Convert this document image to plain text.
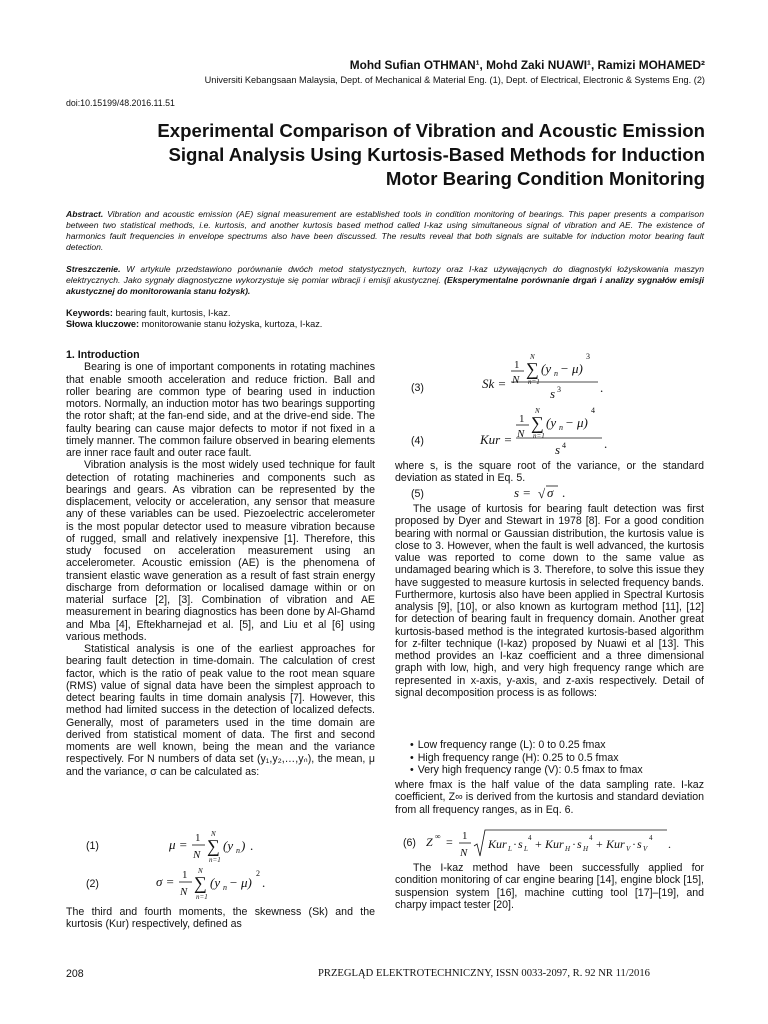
Mohd Sufian OTHMAN¹, Mohd Zaki NUAWI¹, Ramizi MOHAMED²
Universiti Kebangsaan Malaysia, Dept. of Mechanical & Material Eng. (1), Dept. of Electrical, Electronic & Systems Eng. (2)
doi:10.15199/48.2016.11.51
Experimental Comparison of Vibration and Acoustic Emission
Signal Analysis Using Kurtosis-Based Methods for Induction
Motor Bearing Condition Monitoring
Abstract. Vibration and acoustic emission (AE) signal measurement are established tools in condition monitoring of bearings. This paper presents a comparison between two statistical methods, i.e. kurtosis, and another kurtosis based method called I-kaz using simultaneous signal of vibration and AE. The existence of harmonics fault frequencies in envelope spectrums also have been discussed. The results reveal that both signals are suitable for induction motor bearing fault detection.
Streszczenie. W artykule przedstawiono porównanie dwóch metod statystycznych, kurtozy oraz I-kaz używającnych do diagnostyki łożyskowania maszyn elektrycznych. Jako sygnały diagnostyczne wykorzystuje się pomiar wibracji i emisji akustycznej. (Eksperymentalne porównanie drgań i analizy sygnałów emisji akustycznej do monitorowania stanu łożysk).
Keywords: bearing fault, kurtosis, I-kaz.
Słowa kluczowe: monitorowanie stanu łożyska, kurtoza, I-kaz.
1. Introduction

Bearing is one of important components in rotating machines that enable smooth acceleration and reduce friction. Ball and roller bearing are common type of bearing used in induction motors. Normally, an induction motor has two bearings supporting the rotor shaft; at the fan-end side, and at the drive-end side. The faulty bearing can cause major defects to motor if not fixed in a timely manner. The common failure observed in bearing elements are inner race fault and outer race fault.

Vibration analysis is the most widely used technique for fault detection of rotating machineries and components such as bearings and gears. As vibration can be represented by the displacement, velocity or acceleration, any sensor that measure any of these variables can be used. Piezoelectric accelerometer is the most popular detector used to measure vibration because of rugged, small and relatively inexpensive [1]. Therefore, this study focused on acceleration measurement using an accelerometer. Acoustic emission (AE) is the phenomena of transient elastic wave generation as a result of fast strain energy discharge from deformation or localised damage within or on material surface [2], [3]. Combination of vibration and AE measurement in bearing diagnostics has been done by Al-Ghamd and Mba [4], Eftekharnejad et al. [5], and Liu et al [6] using various methods.

Statistical analysis is one of the earliest approaches for bearing fault detection in time-domain. The calculation of crest factor, which is the ratio of peak value to the root mean square (RMS) value of signal data have been the simplest approach to detect bearing faults in time domain analysis [7]. However, this method had limited success in the detection of localized defects. Generally, most of parameters used in the time domain are derived from statistical moment of data. The first and second moments are well known, being the mean and the variance respectively. For N numbers of data set (y₁,y₂,…,yₙ), the mean, μ and the variance, σ can be calculated as:

(1)	μ = 1
N
N
∑
n=1
(y n ) .
(2)	σ = 1
N
N
∑
n=1
(y n − μ)
2
.

The third and fourth moments, the skewness (Sk) and the kurtosis (Kur) respectively, defined as

(3)	Sk =
1
N
N
∑
n=1
(y n − μ)
3
s 3	.
(4)	Kur =
1
N
N
∑
n=1
(y n − μ)
4
s 4	.

where s, is the square root of the variance, or the standard deviation as stated in Eq. 5.

(5)	s = √ σ .

The usage of kurtosis for bearing fault detection was first proposed by Dyer and Stewart in 1978 [8]. For a good condition bearing with normal or Gaussian distribution, the kurtosis value is close to 3. However, when the fault is well advanced, the kurtosis value was reported to come down to the same value as undamaged bearing which is 3. Therefore, to solve this issue they have suggested to measure kurtosis in selected frequency bands. Furthermore, kurtosis also have been applied in Spectral Kurtosis analysis [9], [10], or also known as kurtogram method [11], [12] for detection of bearing fault in frequency domain. Another great kurtosis-based method is the integrated kurtosis-based algorithm for z-filter technique (I-kaz) proposed by Nuawi et al [13]. This method provides an I-kaz coefficient and a three dimensional graph with low, high, and very high frequency range which are represented in x-axis, y-axis, and z-axis respectively. Detail of signal decomposition process is as follows:

• Low frequency range (L): 0 to 0.25 fmax
• High frequency range (H): 0.25 to 0.5 fmax
• Very high frequency range (V): 0.5 fmax to fmax

where fmax is the half value of the data sampling rate. I-kaz coefficient, Z∞ is derived from the kurtosis and standard deviation from all frequency ranges, as in Eq. 6.

(6) Z ∞ = 1
N
Kur L · s L
4 + Kur H · s H
4 + Kur V · s V
4 .

The I-kaz method have been successfully applied for condition monitoring of car engine bearing [14], engine block [15], suspension system [16], machine cutting tool [17]–[19], and charpy impact tester [20].

208	PRZEGLĄD ELEKTROTECHNICZNY, ISSN 0033-2097, R. 92 NR 11/2016
